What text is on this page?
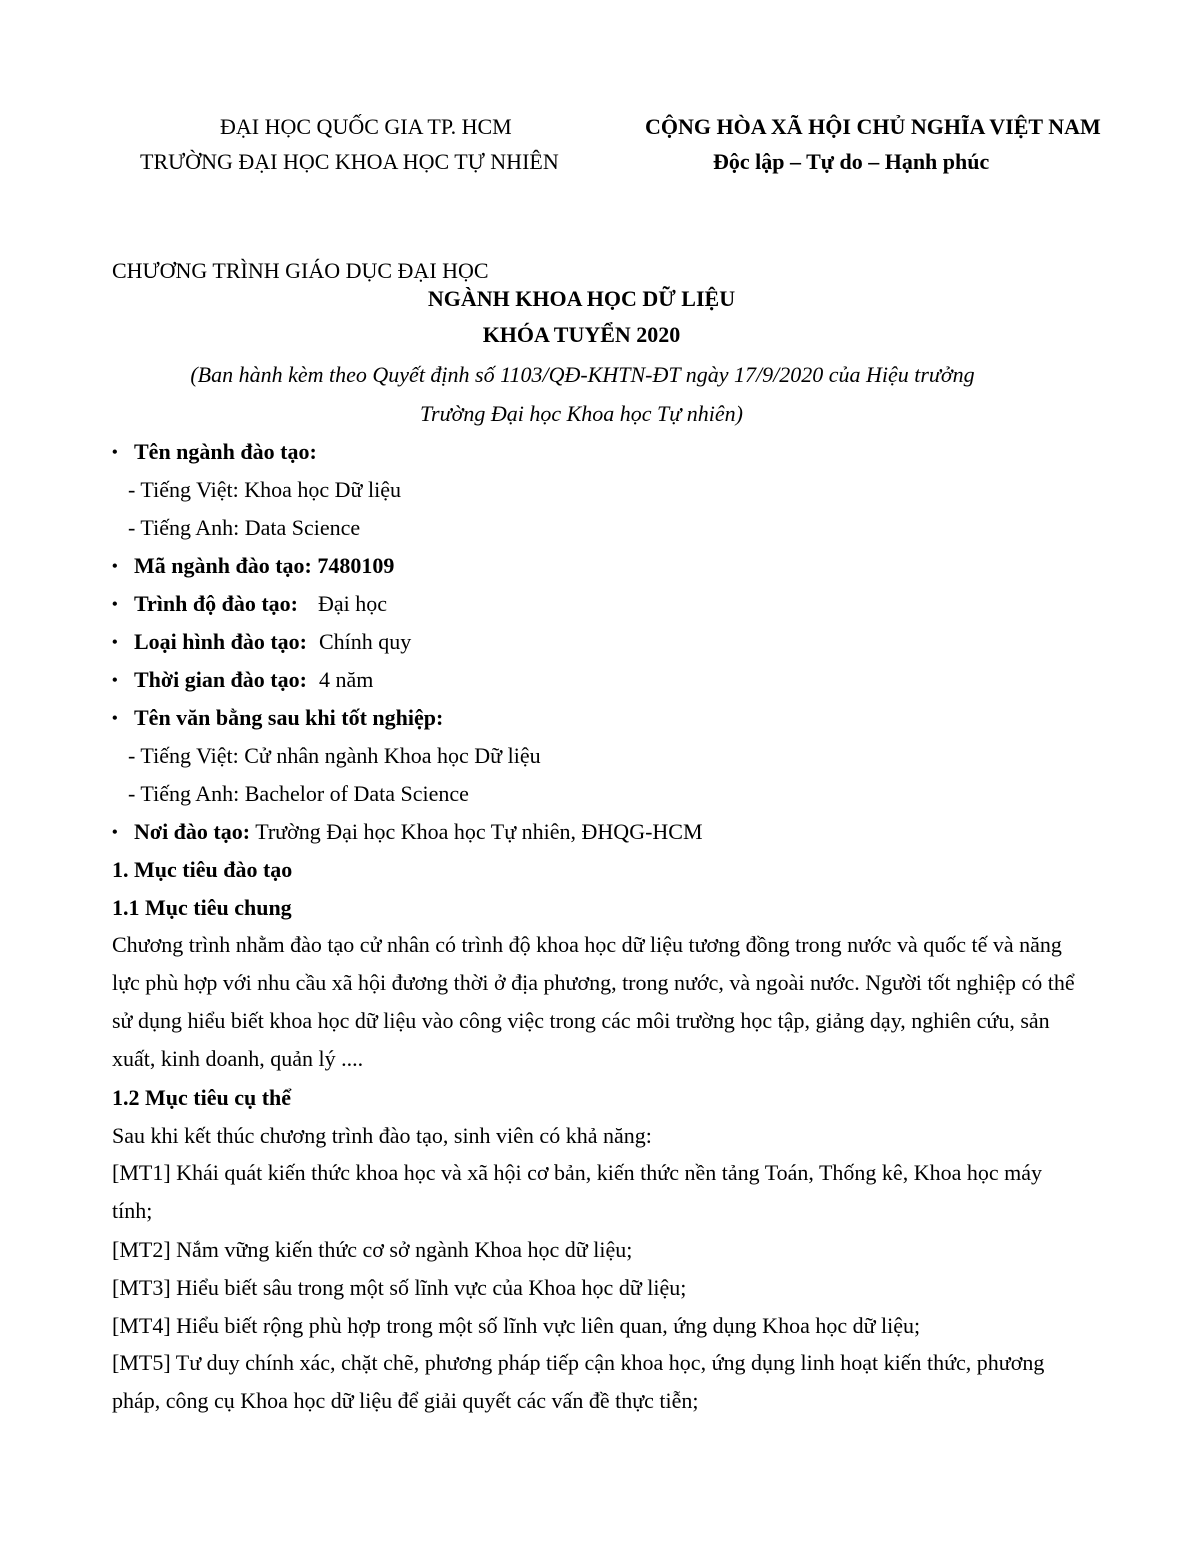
ĐẠI HỌC QUỐC GIA TP. HCM
TRƯỜNG ĐẠI HỌC KHOA HỌC TỰ NHIÊN
CỘNG HÒA XÃ HỘI CHỦ NGHĨA VIỆT NAM
Độc lập – Tự do – Hạnh phúc
CHƯƠNG TRÌNH GIÁO DỤC ĐẠI HỌC
NGÀNH KHOA HỌC DỮ LIỆU
KHÓA TUYỂN 2020
(Ban hành kèm theo Quyết định số 1103/QĐ-KHTN-ĐT ngày 17/9/2020 của Hiệu trưởng
Trường Đại học Khoa học Tự nhiên)
• Tên ngành đào tạo:
- Tiếng Việt: Khoa học Dữ liệu
- Tiếng Anh: Data Science
• Mã ngành đào tạo: 7480109
• Trình độ đào tạo: Đại học
• Loại hình đào tạo: Chính quy
• Thời gian đào tạo: 4 năm
• Tên văn bằng sau khi tốt nghiệp:
- Tiếng Việt: Cử nhân ngành Khoa học Dữ liệu
- Tiếng Anh: Bachelor of Data Science
• Nơi đào tạo: Trường Đại học Khoa học Tự nhiên, ĐHQG-HCM
1. Mục tiêu đào tạo
1.1 Mục tiêu chung

Chương trình nhằm đào tạo cử nhân có trình độ khoa học dữ liệu tương đồng trong nước và quốc tế và năng lực phù hợp với nhu cầu xã hội đương thời ở địa phương, trong nước, và ngoài nước. Người tốt nghiệp có thể sử dụng hiểu biết khoa học dữ liệu vào công việc trong các môi trường học tập, giảng dạy, nghiên cứu, sản xuất, kinh doanh, quản lý ....

1.2 Mục tiêu cụ thể
Sau khi kết thúc chương trình đào tạo, sinh viên có khả năng:

[MT1] Khái quát kiến thức khoa học và xã hội cơ bản, kiến thức nền tảng Toán, Thống kê, Khoa học máy tính;

[MT2] Nắm vững kiến thức cơ sở ngành Khoa học dữ liệu;
[MT3] Hiểu biết sâu trong một số lĩnh vực của Khoa học dữ liệu;
[MT4] Hiểu biết rộng phù hợp trong một số lĩnh vực liên quan, ứng dụng Khoa học dữ liệu;

[MT5] Tư duy chính xác, chặt chẽ, phương pháp tiếp cận khoa học, ứng dụng linh hoạt kiến thức, phương pháp, công cụ Khoa học dữ liệu để giải quyết các vấn đề thực tiễn;
